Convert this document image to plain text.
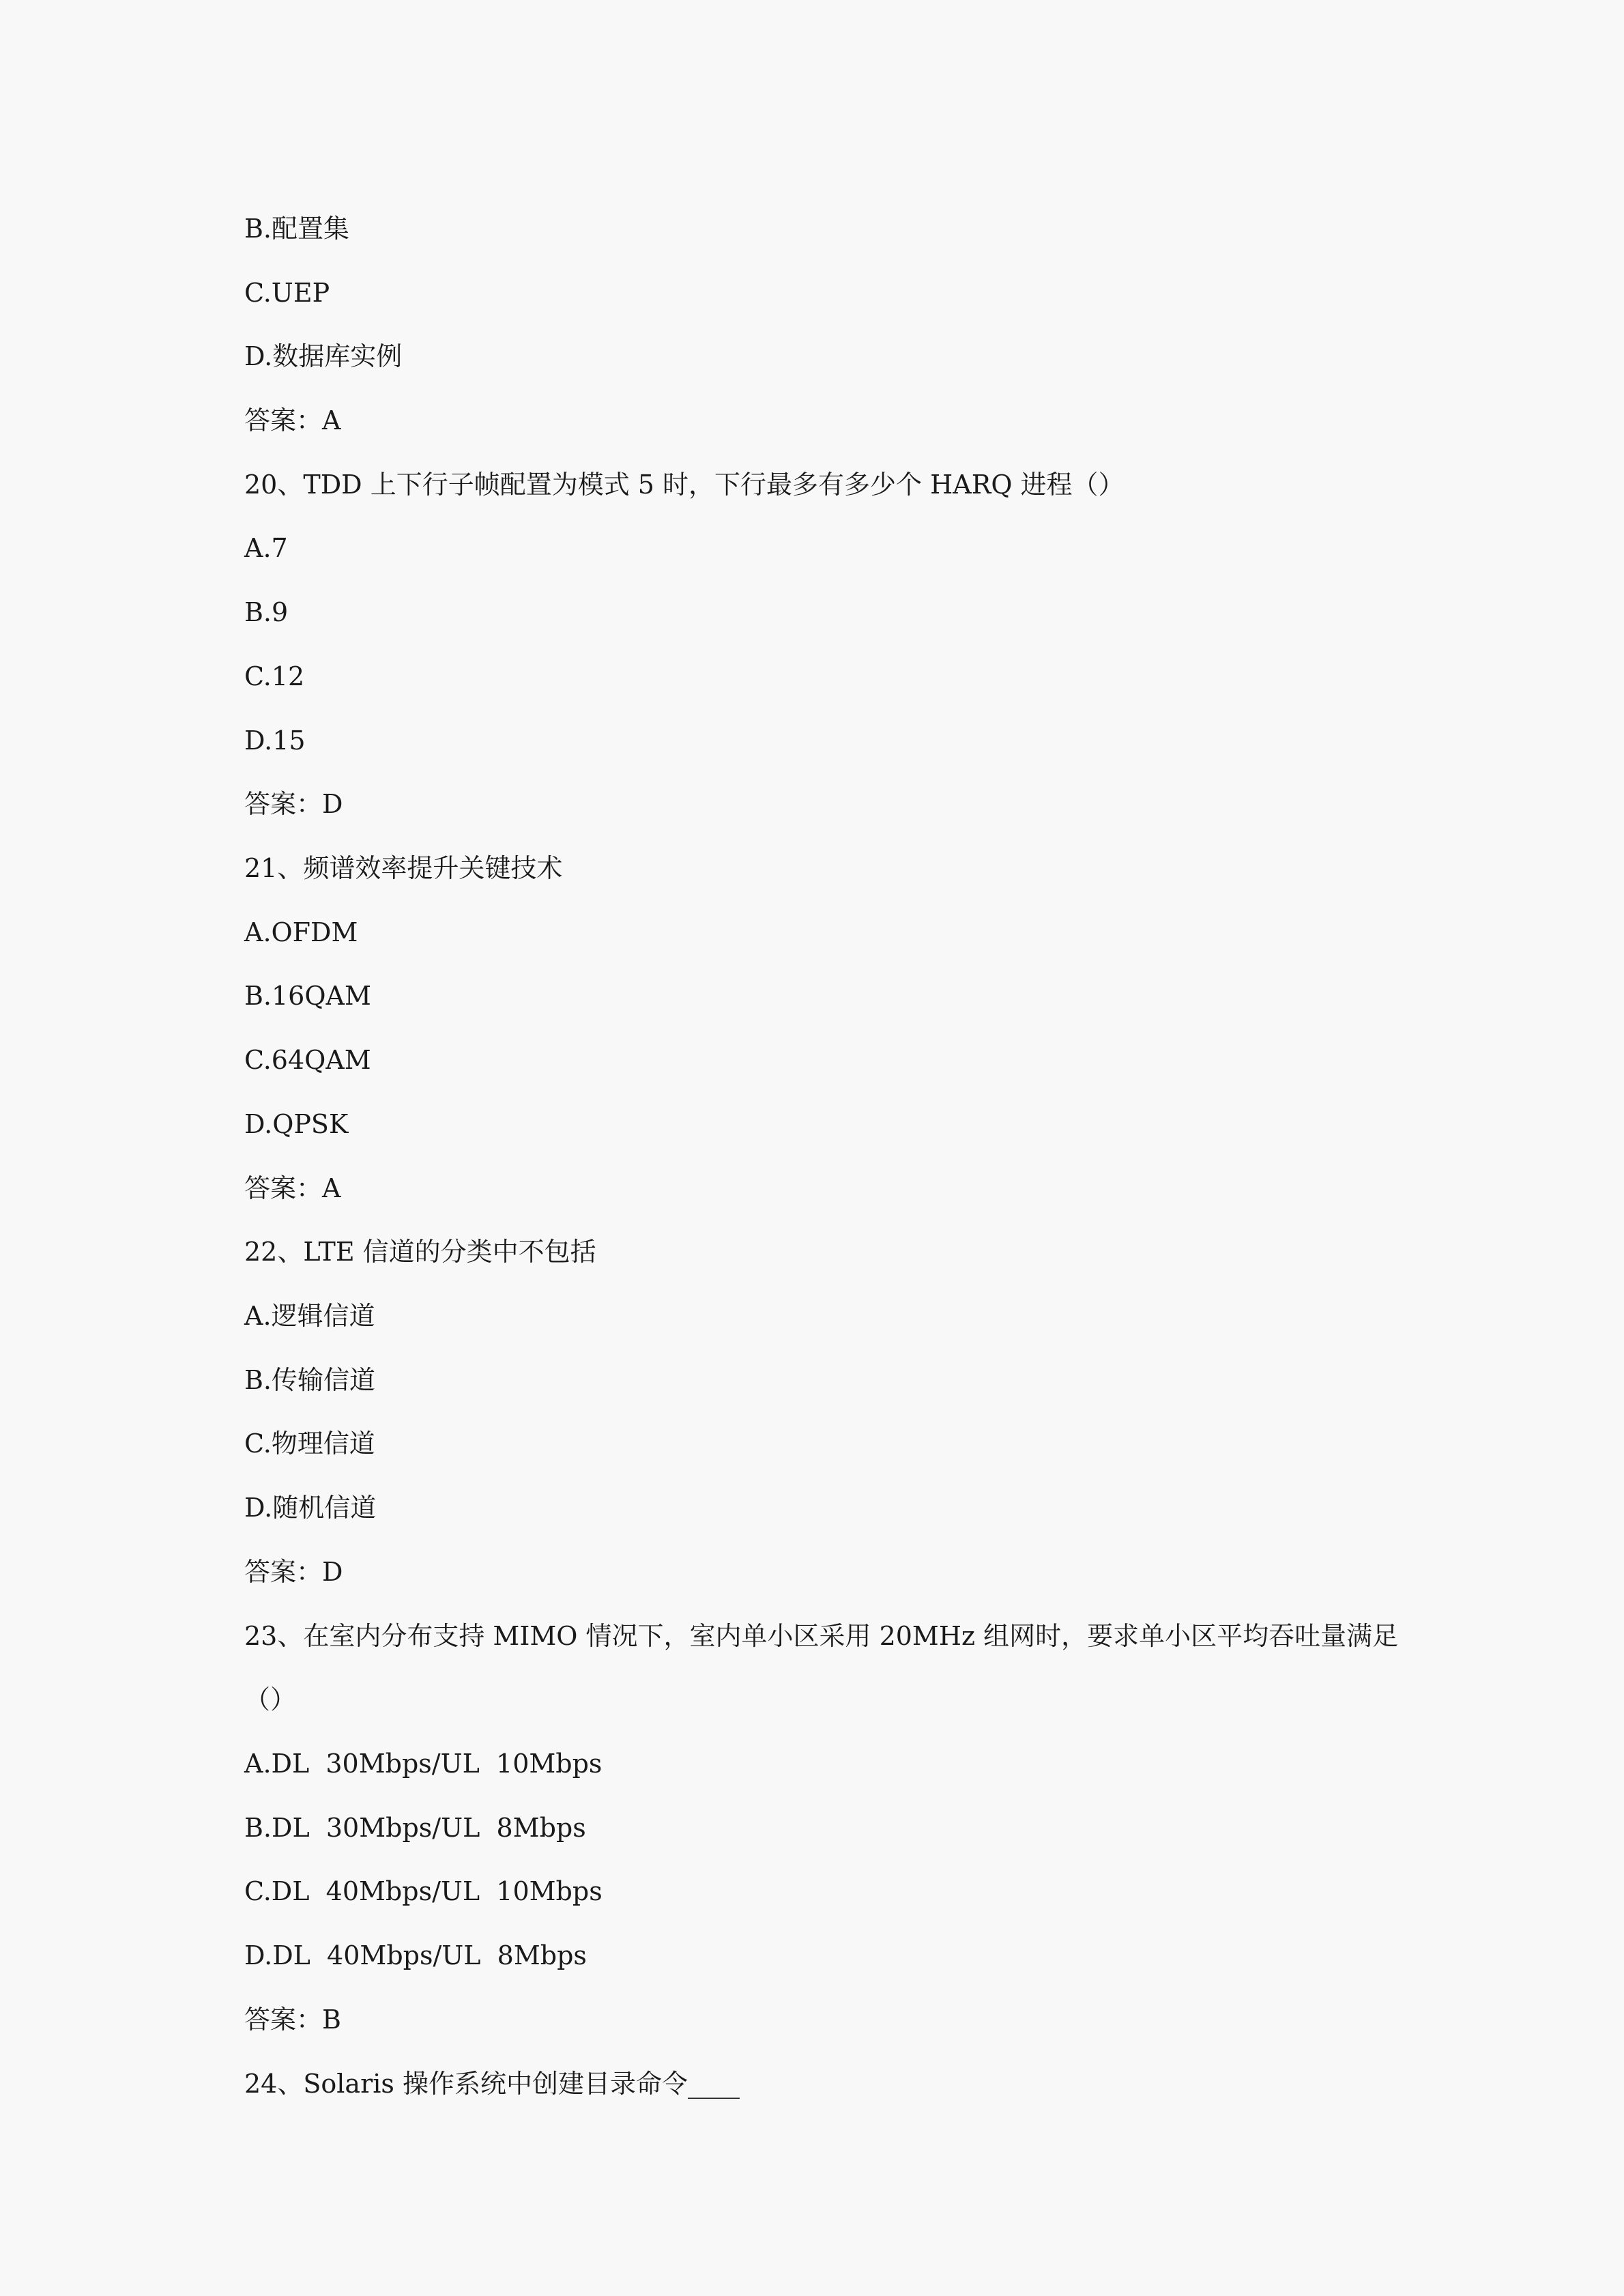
B.配置集
C.UEP
D.数据库实例
答案：A
20、TDD 上下行子帧配置为模式 5 时，下行最多有多少个 HARQ 进程（）
A.7
B.9
C.12
D.15
答案：D
21、频谱效率提升关键技术
A.OFDM
B.16QAM
C.64QAM
D.QPSK
答案：A
22、LTE 信道的分类中不包括
A.逻辑信道
B.传输信道
C.物理信道
D.随机信道
答案：D
23、在室内分布支持 MIMO 情况下，室内单小区采用 20MHz 组网时，要求单小区平均吞吐量满足
（）
A.DL  30Mbps/UL  10Mbps
B.DL  30Mbps/UL  8Mbps
C.DL  40Mbps/UL  10Mbps
D.DL  40Mbps/UL  8Mbps
答案：B
24、Solaris 操作系统中创建目录命令____
